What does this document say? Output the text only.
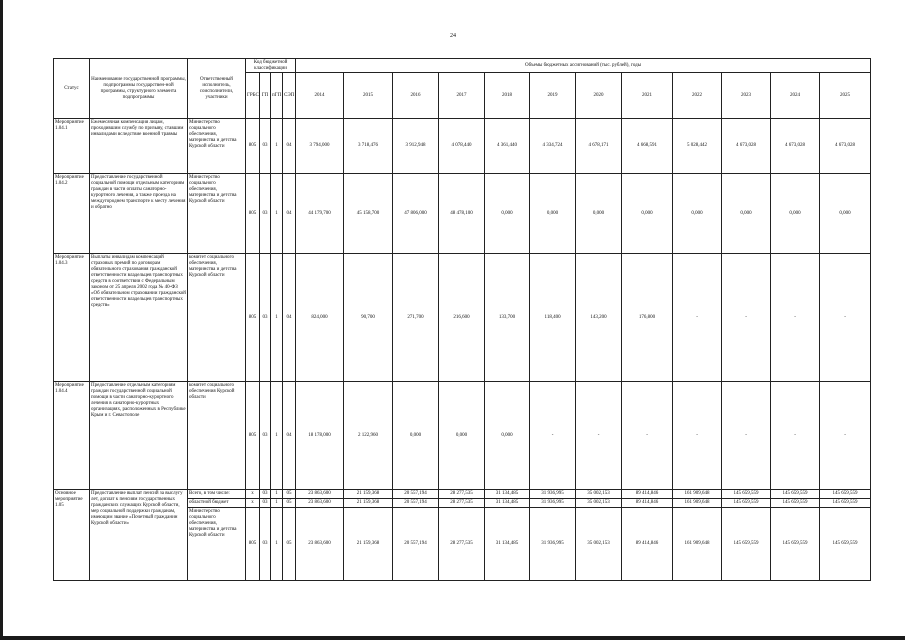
24
Статус	Наименование государственной программы, подпрограммы государствен-ной программы, структурного элемента подпрограммы	Ответственный исполнитель, соисполнители, участники	Код бюджетной классификации				Объемы бюджетных ассигнований (тыс. рублей), годы											
			ГРБС	ГП	пГП	СЭП	2014	2015	2016	2017	2018	2019	2020	2021	2022	2023	2024	2025

Мероприятие 1.04.1	Ежемесячная компенсация лицам, проходившим службу по призыву, ставшим инвалидами вследствие военной травмы	Министерство социального обеспечения, материнства и детства Курской области	805	03	1	04	3 794,000	3 718,476	3 912,948	4 078,440	4 361,440	4 334,724	4 678,171	4 668,591	5 028,442	4 673,028	4 673,028	4 673,028
Мероприятие 1.04.2	Предоставление государственной социальной помощи отдельным категориям граждан в части оплаты санаторно-курортного лечения, а также проезда на междугороднем транспорте к месту лечения и обратно	Министерство социального обеспечения, материнства и детства Курской области	805	03	1	04	44 179,700	45 158,700	47 806,000	48 478,100	0,000	0,000	0,000	0,000	0,000	0,000	0,000	0,000
Мероприятие 1.04.3	Выплаты инвалидам компенсаций страховых премий по договорам обязательного страхования гражданской ответственности владельцев транспортных средств в соответствии с Федеральным законом от 25 апреля 2002 года № 40-ФЗ «Об обязательном страховании гражданской ответственности владельцев транспортных средств»	комитет социального обеспечения, материнства и детства Курской области	805	03	1	04	824,000	90,700	271,700	216,600	133,700	118,400	143,200	176,800	-	-	-	-
Мероприятие 1.04.4	Предоставление отдельным категориям граждан государственной социальной помощи в части санаторно-курортного лечения в санаторно-курортных организациях, расположенных в Республике Крым и г. Севастополе	комитет социального обеспечения Курской области	805	03	1	04	18 178,000	2 122,960	0,000	0,000	0,000	-	-	-	-	-	-	-
Основное мероприятие 1.05	Предоставление выплат пенсий за выслугу лет, доплат к пенсиям государственных гражданских служащих Курской области, мер социальной поддержки гражданам, имеющим звание «Почетный гражданин Курской области»	Всего, в том числе:	x	03	1	05	23 863,600	21 159,368	20 557,194	28 277,535	31 134,485	31 936,995	35 002,153	89 414,846	161 909,648	145 659,559	145 659,559	145 659,559
		областной бюджет	x	03	1	05	23 863,600	21 159,368	20 557,194	28 277,535	31 134,485	31 936,995	35 002,153	89 414,846	161 909,648	145 659,559	145 659,559	145 659,559
		Министерство социального обеспечения, материнства и детства Курской области	805	03	1	05	23 863,600	21 159,368	20 557,194	28 277,535	31 134,485	31 936,995	35 002,153	89 414,846	161 909,648	145 659,559	145 659,559	145 659,559
